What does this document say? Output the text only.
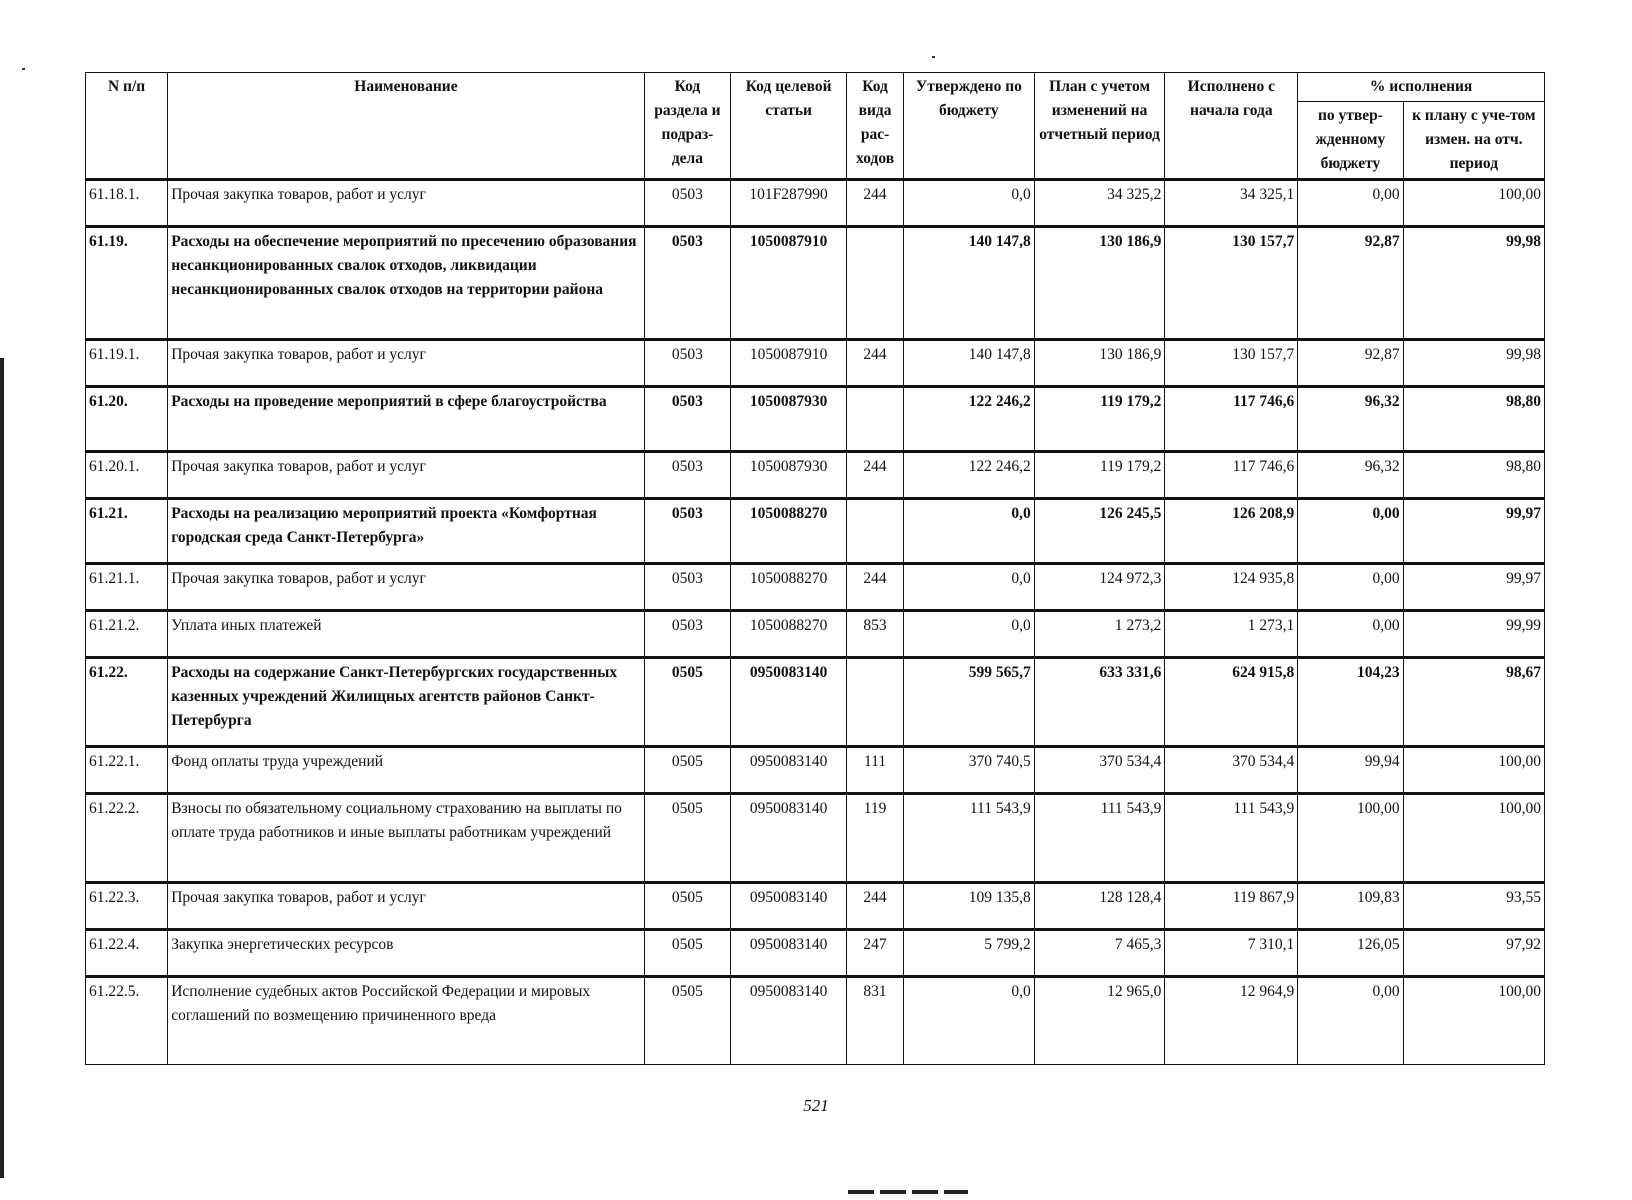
N п/п	Наименование	Код раздела и подраз-дела	Код целевой статьи	Код вида рас-ходов	Утверждено по бюджету	План с учетом изменений на отчетный период	Исполнено с начала года	% исполнения	
								по утвер-жденному бюджету	к плану с уче-том измен. на отч. период
61.18.1.	Прочая закупка товаров, работ и услуг	0503	101F287990	244	0,0	34 325,2	34 325,1	0,00	100,00
61.19.	Расходы на обеспечение мероприятий по пресечению образования несанкционированных свалок отходов, ликвидации несанкционированных свалок отходов на территории района	0503	1050087910		140 147,8	130 186,9	130 157,7	92,87	99,98
61.19.1.	Прочая закупка товаров, работ и услуг	0503	1050087910	244	140 147,8	130 186,9	130 157,7	92,87	99,98
61.20.	Расходы на проведение мероприятий в сфере благоустройства	0503	1050087930		122 246,2	119 179,2	117 746,6	96,32	98,80
61.20.1.	Прочая закупка товаров, работ и услуг	0503	1050087930	244	122 246,2	119 179,2	117 746,6	96,32	98,80
61.21.	Расходы на реализацию мероприятий проекта «Комфортная городская среда Санкт-Петербурга»	0503	1050088270		0,0	126 245,5	126 208,9	0,00	99,97
61.21.1.	Прочая закупка товаров, работ и услуг	0503	1050088270	244	0,0	124 972,3	124 935,8	0,00	99,97
61.21.2.	Уплата иных платежей	0503	1050088270	853	0,0	1 273,2	1 273,1	0,00	99,99
61.22.	Расходы на содержание Санкт-Петербургских государственных казенных учреждений Жилищных агентств районов Санкт-Петербурга	0505	0950083140		599 565,7	633 331,6	624 915,8	104,23	98,67
61.22.1.	Фонд оплаты труда учреждений	0505	0950083140	111	370 740,5	370 534,4	370 534,4	99,94	100,00
61.22.2.	Взносы по обязательному социальному страхованию на выплаты по оплате труда работников и иные выплаты работникам учреждений	0505	0950083140	119	111 543,9	111 543,9	111 543,9	100,00	100,00
61.22.3.	Прочая закупка товаров, работ и услуг	0505	0950083140	244	109 135,8	128 128,4	119 867,9	109,83	93,55
61.22.4.	Закупка энергетических ресурсов	0505	0950083140	247	5 799,2	7 465,3	7 310,1	126,05	97,92
61.22.5.	Исполнение судебных актов Российской Федерации и мировых соглашений по возмещению причиненного вреда	0505	0950083140	831	0,0	12 965,0	12 964,9	0,00	100,00
521
